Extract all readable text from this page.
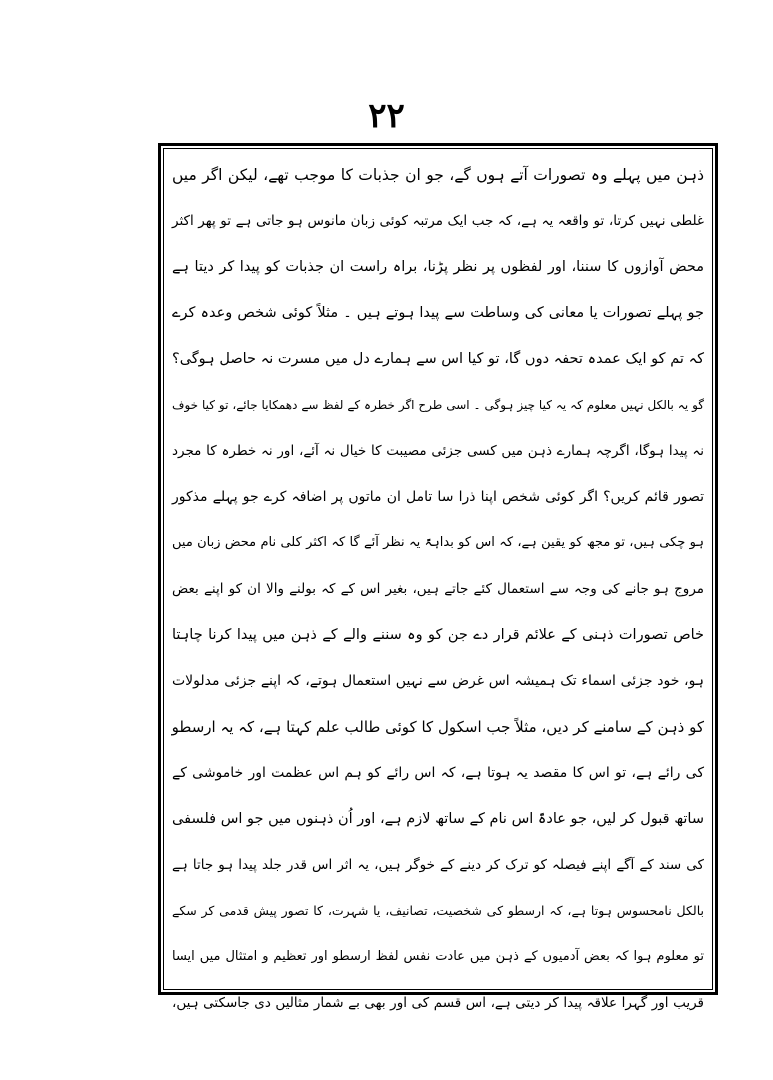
۲۲
ذہن میں پہلے وہ تصورات آتے ہوں گے، جو ان جذبات کا موجب تھے، لیکن اگر میں
غلطی نہیں کرتا، تو واقعہ یہ ہے، کہ جب ایک مرتبہ کوئی زبان مانوس ہو جاتی ہے تو پھر اکثر
محض آوازوں کا سننا، اور لفظوں پر نظر پڑنا، براہ راست ان جذبات کو پیدا کر دیتا ہے
جو پہلے تصورات یا معانی کی وساطت سے پیدا ہوتے ہیں ۔ مثلاً کوئی شخص وعدہ کرے
کہ تم کو ایک عمدہ تحفہ دوں گا، تو کیا اس سے ہمارے دل میں مسرت نہ حاصل ہوگی؟
گو یہ بالکل نہیں معلوم کہ یہ کیا چیز ہوگی ۔ اسی طرح اگر خطرہ کے لفظ سے دھمکایا جائے، تو کیا خوف
نہ پیدا ہوگا، اگرچہ ہمارے ذہن میں کسی جزئی مصیبت کا خیال نہ آئے، اور نہ خطرہ کا مجرد
تصور قائم کریں؟ اگر کوئی شخص اپنا ذرا سا تامل ان ماتوں پر اضافہ کرے جو پہلے مذکور
ہو چکی ہیں، تو مجھ کو یقین ہے، کہ اس کو بداہۃً یہ نظر آئے گا کہ اکثر کلی نام محض زبان میں
مروج ہو جانے کی وجہ سے استعمال کئے جاتے ہیں، بغیر اس کے کہ بولنے والا ان کو اپنے بعض
خاص تصورات ذہنی کے علائم قرار دے جن کو وہ سننے والے کے ذہن میں پیدا کرنا چاہتا
ہو، خود جزئی اسماء تک ہمیشہ اس غرض سے نہیں استعمال ہوتے، کہ اپنے جزئی مدلولات
کو ذہن کے سامنے کر دیں، مثلاً جب اسکول کا کوئی طالب علم کہتا ہے، کہ یہ ارسطو
کی رائے ہے، تو اس کا مقصد یہ ہوتا ہے، کہ اس رائے کو ہم اس عظمت اور خاموشی کے
ساتھ قبول کر لیں، جو عادۃً اس نام کے ساتھ لازم ہے، اور اُن ذہنوں میں جو اس فلسفی
کی سند کے آگے اپنے فیصلہ کو ترک کر دینے کے خوگر ہیں، یہ اثر اس قدر جلد پیدا ہو جاتا ہے
بالکل نامحسوس ہوتا ہے، کہ ارسطو کی شخصیت، تصانیف، یا شہرت، کا تصور پیش قدمی کر سکے
تو معلوم ہوا کہ بعض آدمیوں کے ذہن میں عادت نفس لفظ ارسطو اور تعظیم و امتثال میں ایسا
قریب اور گہرا علاقہ پیدا کر دیتی ہے، اس قسم کی اور بھی بے شمار مثالیں دی جاسکتی ہیں،
